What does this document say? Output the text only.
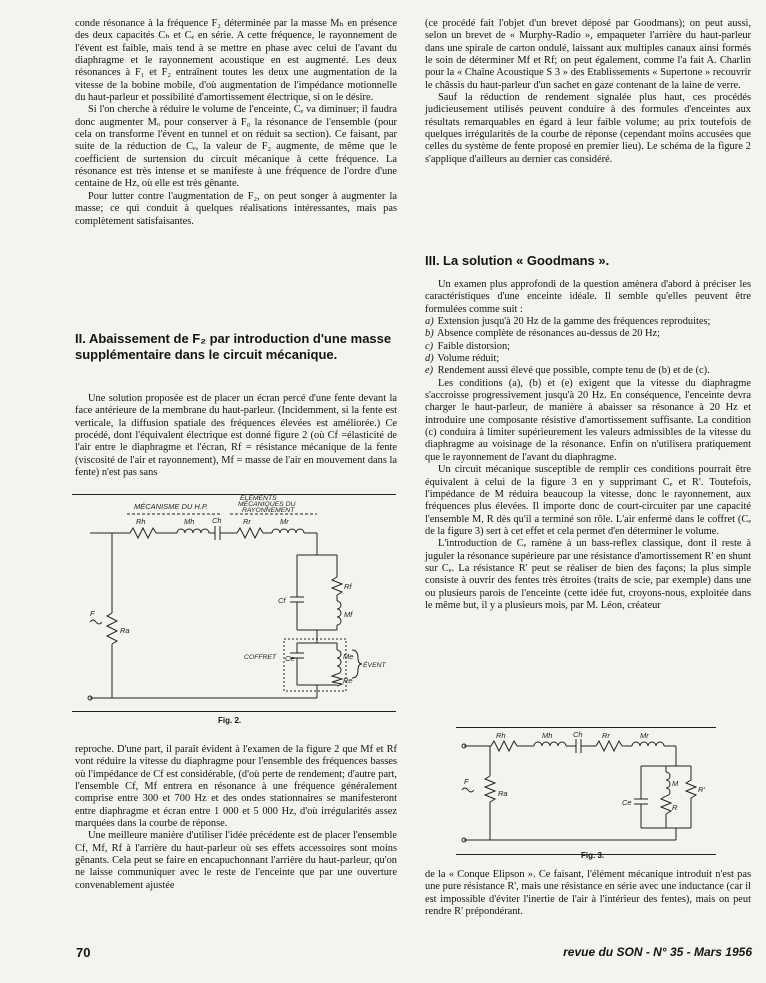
conde résonance à la fréquence F₂ déterminée par la masse Mₕ en présence des deux capacités Cₕ et Cₑ en série. A cette fréquence, le rayonnement de l'évent est faible, mais tend à se mettre en phase avec celui de l'avant du diaphragme et le rayonnement acoustique en est augmenté. Les deux résonances à F₁ et F₂ entraînent toutes les deux une augmentation de la vitesse de la bobine mobile, d'où augmentation de l'impédance motionnelle du haut-parleur et possibilité d'amortissement électrique, si on le désire.

Si l'on cherche à réduire le volume de l'enceinte, Cₑ va diminuer; il faudra donc augmenter Mₒ pour conserver à F₀ la résonance de l'ensemble (pour cela on transforme l'évent en tunnel et on réduit sa section). Ce faisant, par suite de la réduction de Cₑ, la valeur de F₂ augmente, de même que le coefficient de surtension du circuit mécanique à cette fréquence. La résonance est très intense et se manifeste à une fréquence de l'ordre d'une centaine de Hz, où elle est très gênante.

Pour lutter contre l'augmentation de F₂, on peut songer à augmenter la masse; ce qui conduit à quelques réalisations intéressantes, mais pas complètement satisfaisantes.

II. Abaissement de F₂ par introduction d'une masse supplémentaire dans le circuit mécanique.

Une solution proposée est de placer un écran percé d'une fente devant la face antérieure de la membrane du haut-parleur. (Incidemment, si la fente est verticale, la diffusion spatiale des fréquences élevées est améliorée.) Ce procédé, dont l'équivalent électrique est donné figure 2 (où Cf =élasticité de l'air entre le diaphragme et l'écran, Rf = résistance mécanique de la fente (viscosité de l'air et rayonnement), Mf = masse de l'air en mouvement dans la fente) n'est pas sans

MÉCANISME DU H.P.
ÉLÉMENTS
MÉCANIQUES DU
RAYONNEMENT
Rh	Mh Ch	Rr	Mr
Ra
F
Cf
Rf
Mf
COFFRET Ce	Me
Re
ÉVENT
Fig. 2.

reproche. D'une part, il paraît évident à l'examen de la figure 2 que Mf et Rf vont réduire la vitesse du diaphragme pour l'ensemble des fréquences basses où l'impédance de Cf est considérable, (d'où perte de rendement; d'autre part, l'ensemble Cf, Mf entrera en résonance à une fréquence généralement comprise entre 300 et 700 Hz et des ondes stationnaires se manifesteront entre diaphragme et écran entre 1 000 et 5 000 Hz, d'où irrégularités assez marquées dans la courbe de réponse.

Une meilleure manière d'utiliser l'idée précédente est de placer l'ensemble Cf, Mf, Rf à l'arrière du haut-parleur où ses effets accessoires sont moins gênants. Cela peut se faire en encapuchonnant l'arrière du haut-parleur, qu'on ne laisse communiquer avec le reste de l'enceinte que par une ouverture convenablement ajustée

(ce procédé fait l'objet d'un brevet déposé par Goodmans); on peut aussi, selon un brevet de « Murphy-Radio », empaqueter l'arrière du haut-parleur dans une spirale de carton ondulé, laissant aux multiples canaux ainsi formés le soin de déterminer Mf et Rf; on peut également, comme l'a fait A. Charlin pour la « Chaîne Acoustique S 3 » des Etablissements « Supertone » recouvrir le châssis du haut-parleur d'un sachet en gaze contenant de la laine de verre.

Sauf la réduction de rendement signalée plus haut, ces procédés judicieusement utilisés peuvent conduire à des formules d'enceintes aux résultats remarquables en égard à leur faible volume; au prix toutefois de quelques irrégularités de la courbe de réponse (cependant moins accusées que celles du système de fente proposé en premier lieu). Le schéma de la figure 2 s'applique d'ailleurs au dernier cas considéré.

III. La solution « Goodmans ».

Un examen plus approfondi de la question amènera d'abord à préciser les caractéristiques d'une enceinte idéale. Il semble qu'elles peuvent être formulées comme suit :

a) Extension jusqu'à 20 Hz de la gamme des fréquences reproduites;

b) Absence complète de résonances au-dessus de 20 Hz;

c) Faible distorsion;

d) Volume réduit;

e) Rendement aussi élevé que possible, compte tenu de (b) et de (c).

Les conditions (a), (b) et (e) exigent que la vitesse du diaphragme s'accroisse progressivement jusqu'à 20 Hz. En conséquence, l'enceinte devra charger le haut-parleur, de manière à abaisser sa résonance à 20 Hz et introduire une composante résistive d'amortissement suffisante. La condition (c) conduira à limiter supérieurement les valeurs admissibles de la vitesse du diaphragme au voisinage de la résonance. Enfin on n'utilisera pratiquement que le rayonnement de l'avant du diaphragme.

Un circuit mécanique susceptible de remplir ces conditions pourrait être équivalent à celui de la figure 3 en y supprimant Cₑ et R'. Toutefois, l'impédance de M réduira beaucoup la vitesse, donc le rayonnement, aux fréquences plus élevées. Il importe donc de court-circuiter par une capacité l'ensemble M, R dès qu'il a terminé son rôle. L'air enfermé dans le coffret (Cₑ de la figure 3) sert à cet effet et cela permet d'en déterminer le volume.

L'introduction de Cₑ ramène à un bass-reflex classique, dont il reste à juguler la résonance supérieure par une résistance d'amortissement R' en shunt sur Cₑ. La résistance R' peut se réaliser de bien des façons; la plus simple consiste à ouvrir des fentes très étroites (traits de scie, par exemple) dans une ou plusieurs parois de l'enceinte (cette idée fut, croyons-nous, exploitée dans le même but, il y a plusieurs mois, par M. Léon, créateur

Rh	Mh	Ch	Rr	Mr
Ra
F
Ce
M
R
R'
Fig. 3.

de la « Conque Elipson ». Ce faisant, l'élément mécanique introduit n'est pas une pure résistance R', mais une résistance en série avec une inductance (car il est impossible d'éviter l'inertie de l'air à l'intérieur des fentes), mais on peut rendre R' prépondérant.

70	revue du SON - N° 35 - Mars 1956
